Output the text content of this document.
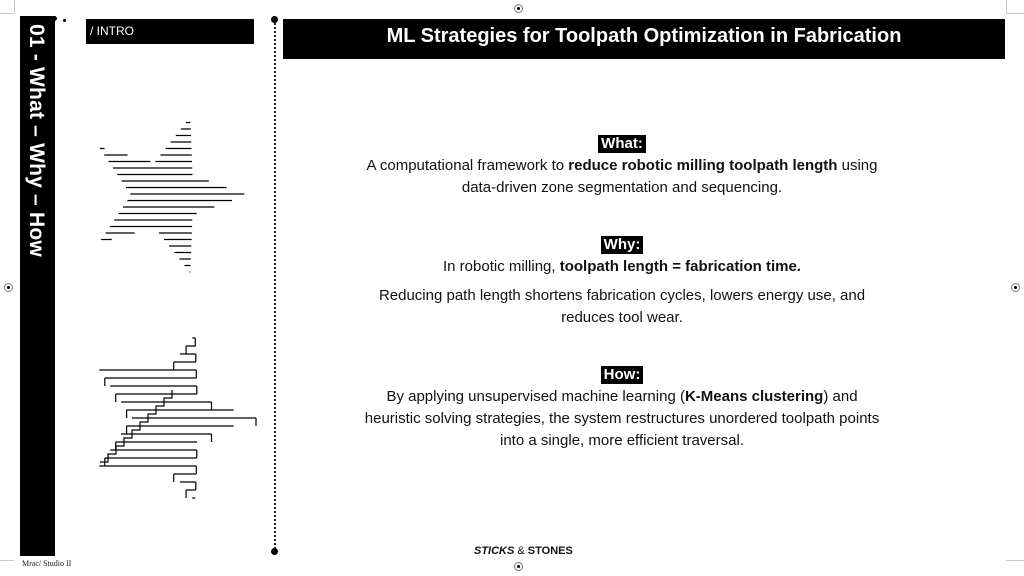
01 - What – Why – How	/ INTRO	ML Strategies for Toolpath Optimization in Fabrication
What:

A computational framework to reduce robotic milling toolpath length using
data-driven zone segmentation and sequencing.

Why:

In robotic milling, toolpath length = fabrication time.

Reducing path length shortens fabrication cycles, lowers energy use, and
reduces tool wear.

How:

By applying unsupervised machine learning (K-Means clustering) and
heuristic solving strategies, the system restructures unordered toolpath points
into a single, more efficient traversal.

STICKS & STONES
Mrac/ Studio II
